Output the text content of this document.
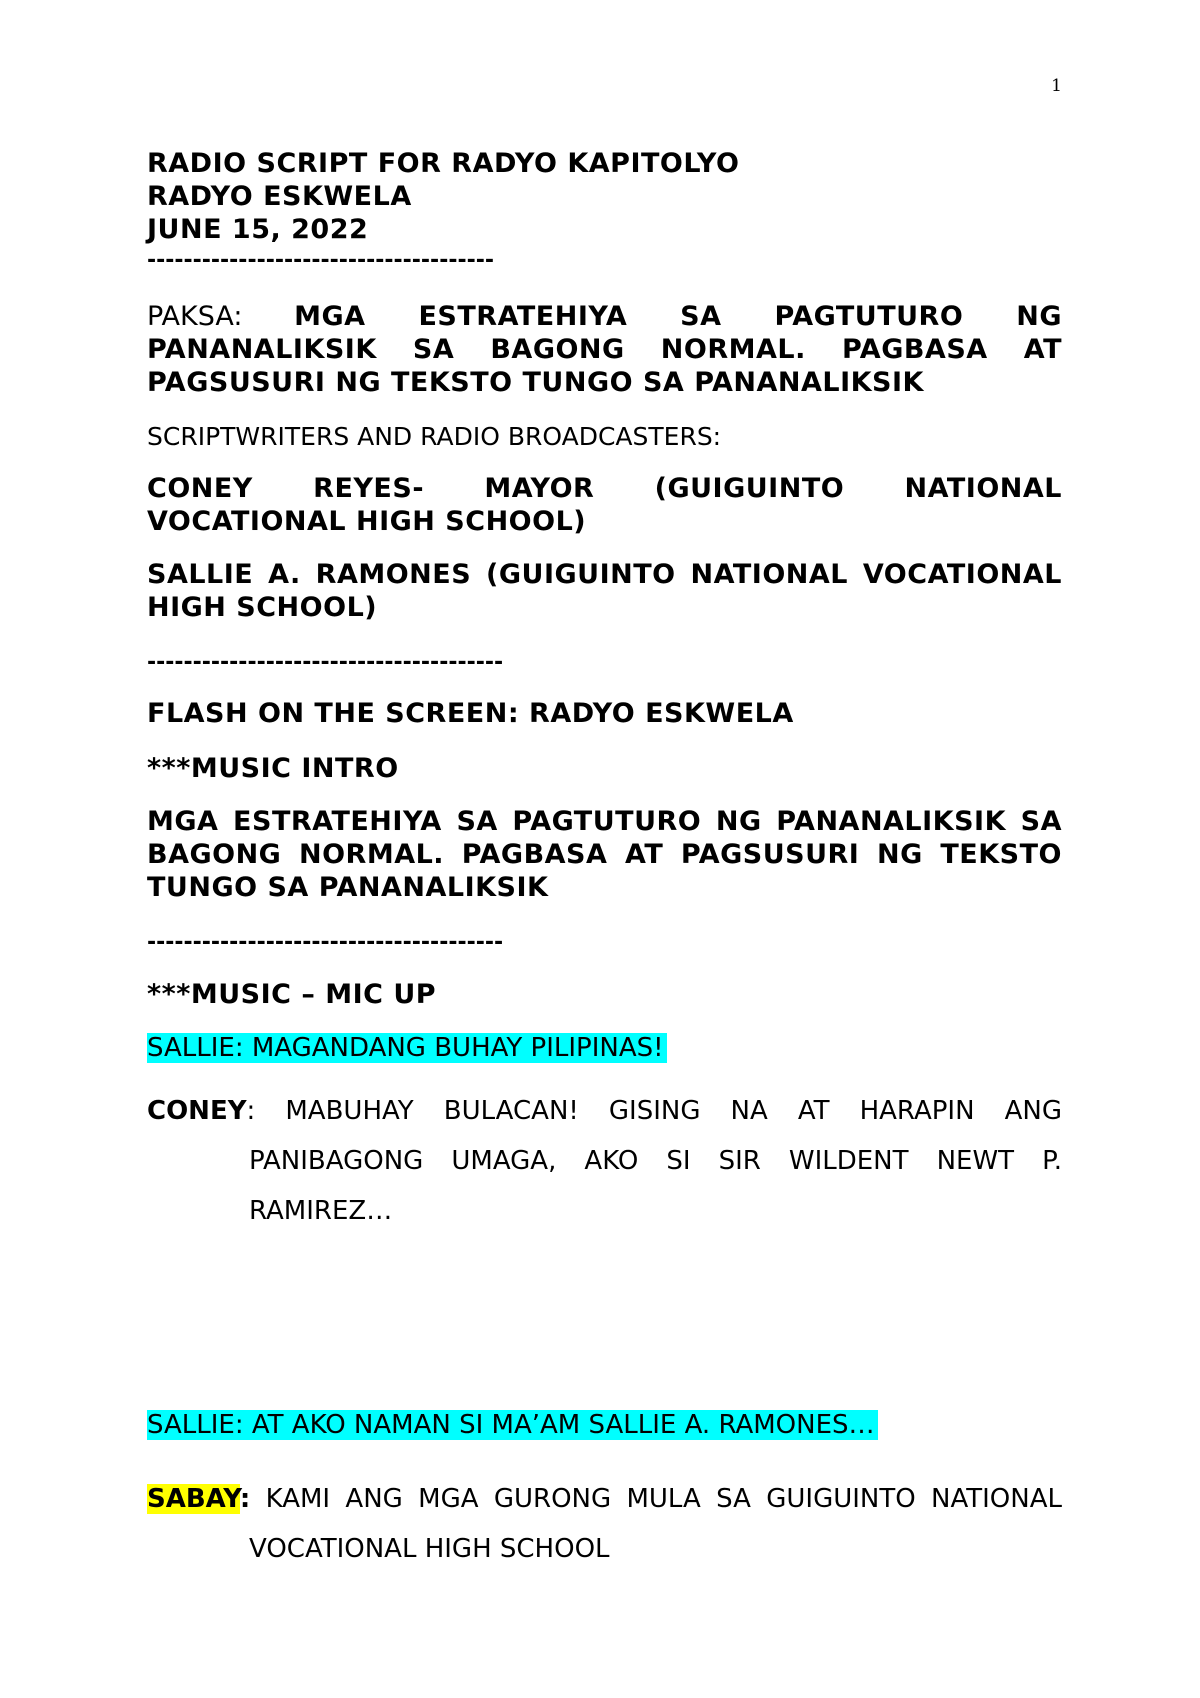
1
RADIO SCRIPT FOR RADYO KAPITOLYO
RADYO ESKWELA
JUNE 15, 2022
--------------------------------------
PAKSA: MGA ESTRATEHIYA SA PAGTUTURO NG PANANALIKSIK SA BAGONG NORMAL. PAGBASA AT PAGSUSURI NG TEKSTO TUNGO SA PANANALIKSIK
SCRIPTWRITERS AND RADIO BROADCASTERS:
CONEY REYES- MAYOR (GUIGUINTO NATIONAL VOCATIONAL HIGH SCHOOL)
SALLIE A. RAMONES (GUIGUINTO NATIONAL VOCATIONAL HIGH SCHOOL)
---------------------------------------
FLASH ON THE SCREEN: RADYO ESKWELA
***MUSIC INTRO
MGA ESTRATEHIYA SA PAGTUTURO NG PANANALIKSIK SA BAGONG NORMAL. PAGBASA AT PAGSUSURI NG TEKSTO TUNGO SA PANANALIKSIK
---------------------------------------
***MUSIC – MIC UP
SALLIE: MAGANDANG BUHAY PILIPINAS!
CONEY: MABUHAY BULACAN! GISING NA AT HARAPIN ANG PANIBAGONG UMAGA, AKO SI SIR WILDENT NEWT P. RAMIREZ…
SALLIE: AT AKO NAMAN SI MA’AM SALLIE A. RAMONES…
SABAY: KAMI ANG MGA GURONG MULA SA GUIGUINTO NATIONAL VOCATIONAL HIGH SCHOOL
